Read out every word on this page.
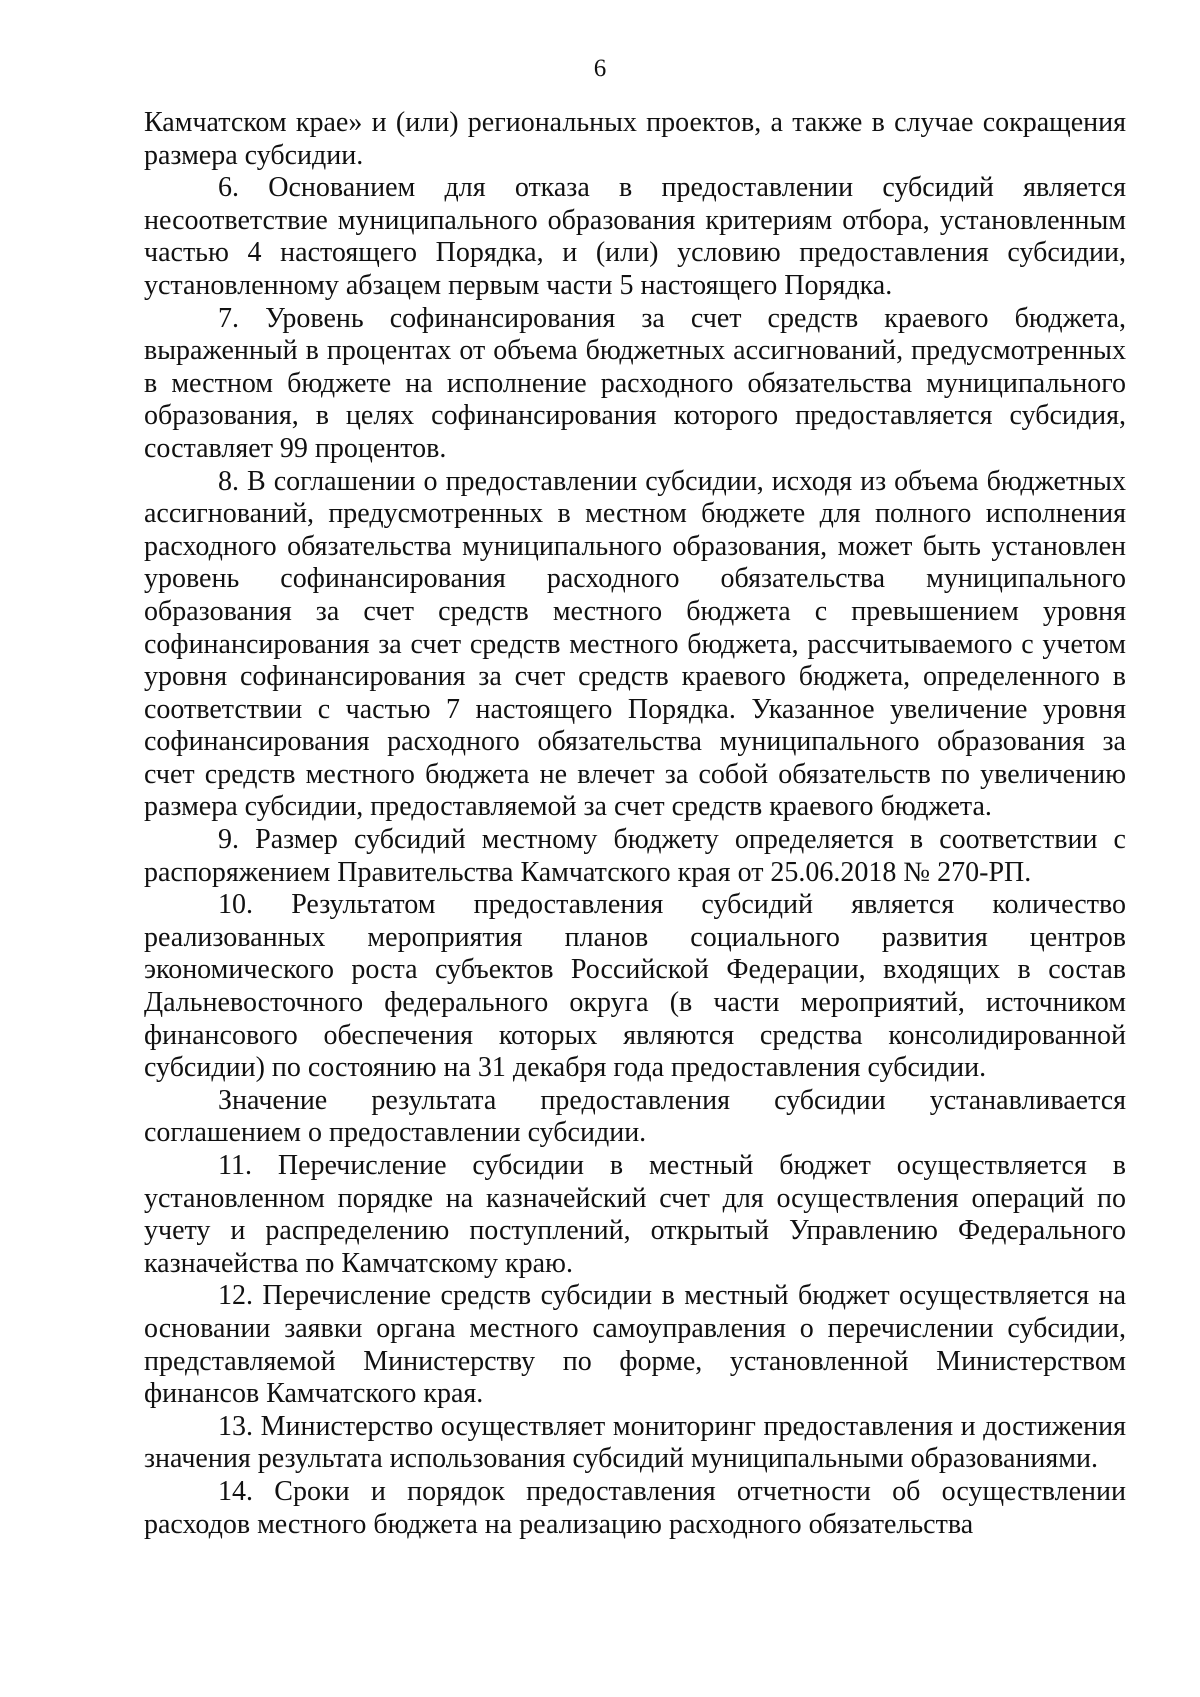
6

Камчатском крае» и (или) региональных проектов, а также в случае сокращения размера субсидии.

6. Основанием для отказа в предоставлении субсидий является несоответствие муниципального образования критериям отбора, установленным частью 4 настоящего Порядка, и (или) условию предоставления субсидии, установленному абзацем первым части 5 настоящего Порядка.

7. Уровень софинансирования за счет средств краевого бюджета, выраженный в процентах от объема бюджетных ассигнований, предусмотренных в местном бюджете на исполнение расходного обязательства муниципального образования, в целях софинансирования которого предоставляется субсидия, составляет 99 процентов.

8. В соглашении о предоставлении субсидии, исходя из объема бюджетных ассигнований, предусмотренных в местном бюджете для полного исполнения расходного обязательства муниципального образования, может быть установлен уровень софинансирования расходного обязательства муниципального образования за счет средств местного бюджета с превышением уровня софинансирования за счет средств местного бюджета, рассчитываемого с учетом уровня софинансирования за счет средств краевого бюджета, определенного в соответствии с частью 7 настоящего Порядка. Указанное увеличение уровня софинансирования расходного обязательства муниципального образования за счет средств местного бюджета не влечет за собой обязательств по увеличению размера субсидии, предоставляемой за счет средств краевого бюджета.

9. Размер субсидий местному бюджету определяется в соответствии с распоряжением Правительства Камчатского края от 25.06.2018 № 270-РП.

10. Результатом предоставления субсидий является количество реализованных мероприятия планов социального развития центров экономического роста субъектов Российской Федерации, входящих в состав Дальневосточного федерального округа (в части мероприятий, источником финансового обеспечения которых являются средства консолидированной субсидии) по состоянию на 31 декабря года предоставления субсидии.

Значение результата предоставления субсидии устанавливается соглашением о предоставлении субсидии.

11. Перечисление субсидии в местный бюджет осуществляется в установленном порядке на казначейский счет для осуществления операций по учету и распределению поступлений, открытый Управлению Федерального казначейства по Камчатскому краю.

12. Перечисление средств субсидии в местный бюджет осуществляется на основании заявки органа местного самоуправления о перечислении субсидии, представляемой Министерству по форме, установленной Министерством финансов Камчатского края.

13. Министерство осуществляет мониторинг предоставления и достижения значения результата использования субсидий муниципальными образованиями.

14. Сроки и порядок предоставления отчетности об осуществлении расходов местного бюджета на реализацию расходного обязательства
